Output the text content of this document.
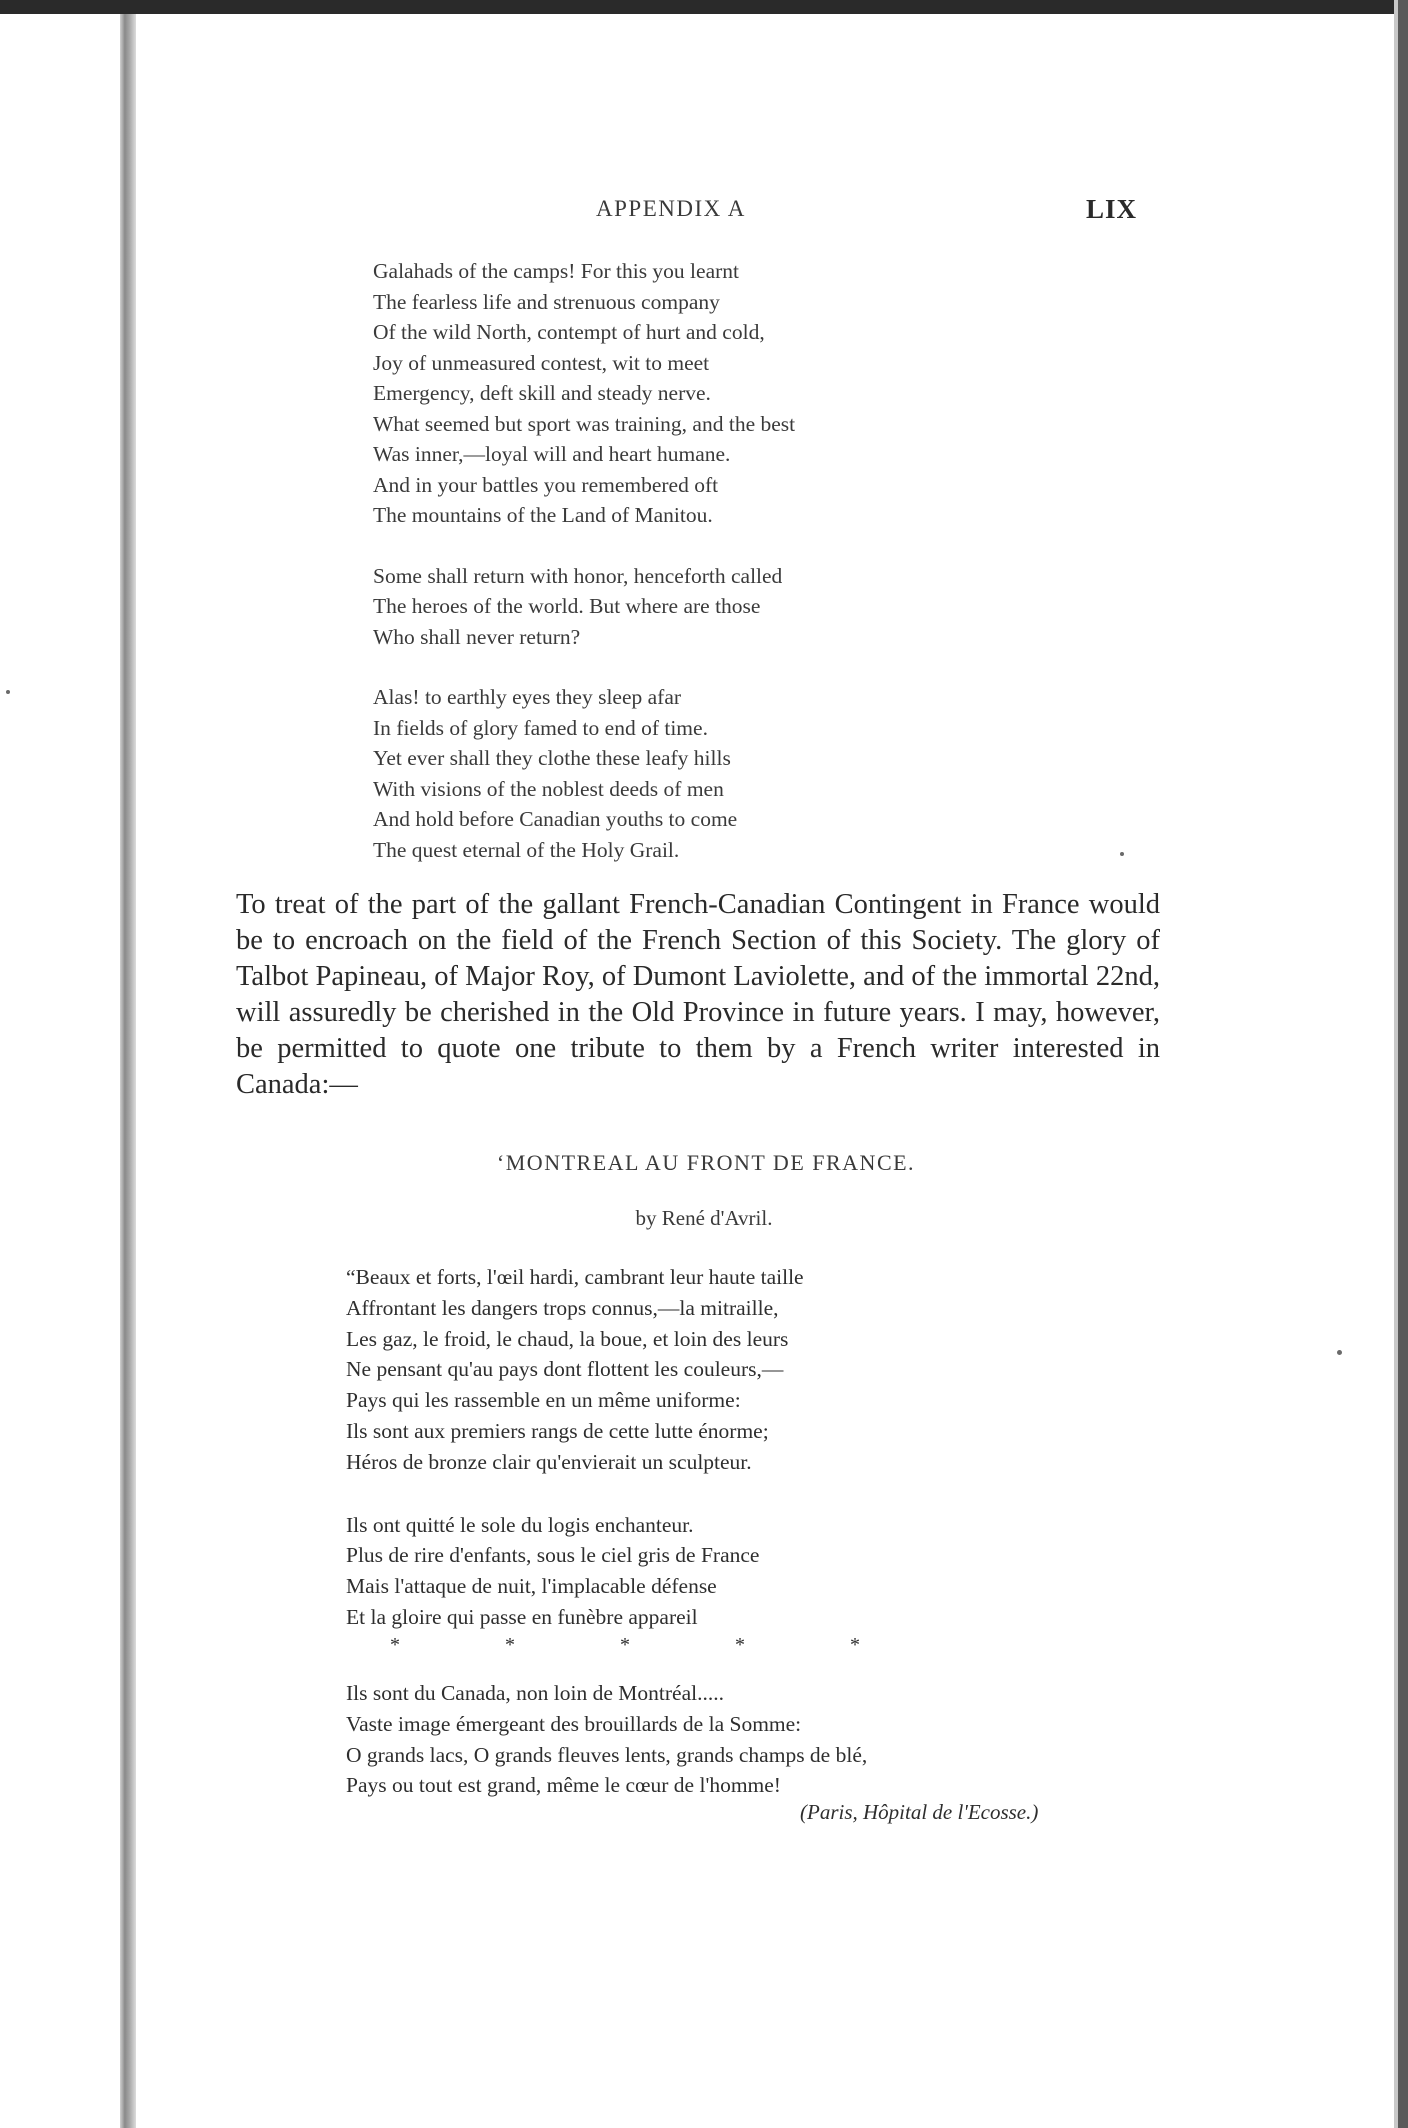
APPENDIX A	LIX
Galahads of the camps! For this you learnt
The fearless life and strenuous company
Of the wild North, contempt of hurt and cold,
Joy of unmeasured contest, wit to meet
Emergency, deft skill and steady nerve.
What seemed but sport was training, and the best
Was inner,—loyal will and heart humane.
And in your battles you remembered oft
The mountains of the Land of Manitou.
Some shall return with honor, henceforth called
The heroes of the world. But where are those
Who shall never return?
Alas! to earthly eyes they sleep afar
In fields of glory famed to end of time.
Yet ever shall they clothe these leafy hills
With visions of the noblest deeds of men
And hold before Canadian youths to come
The quest eternal of the Holy Grail.
To treat of the part of the gallant French-Canadian Contingent in France would be to encroach on the field of the French Section of this Society. The glory of Talbot Papineau, of Major Roy, of Dumont Laviolette, and of the immortal 22nd, will assuredly be cherished in the Old Province in future years. I may, however, be permitted to quote one tribute to them by a French writer interested in Canada:—
‘MONTREAL AU FRONT DE FRANCE.
by René d'Avril.
“Beaux et forts, l'œil hardi, cambrant leur haute taille
Affrontant les dangers trops connus,—la mitraille,
Les gaz, le froid, le chaud, la boue, et loin des leurs
Ne pensant qu'au pays dont flottent les couleurs,—
Pays qui les rassemble en un même uniforme:
Ils sont aux premiers rangs de cette lutte énorme;
Héros de bronze clair qu'envierait un sculpteur.
Ils ont quitté le sole du logis enchanteur.
Plus de rire d'enfants, sous le ciel gris de France
Mais l'attaque de nuit, l'implacable défense
Et la gloire qui passe en funèbre appareil
*	*	*	*	*
Ils sont du Canada, non loin de Montréal.....
Vaste image émergeant des brouillards de la Somme:
O grands lacs, O grands fleuves lents, grands champs de blé,
Pays ou tout est grand, même le cœur de l'homme!
(Paris, Hôpital de l'Ecosse.)
